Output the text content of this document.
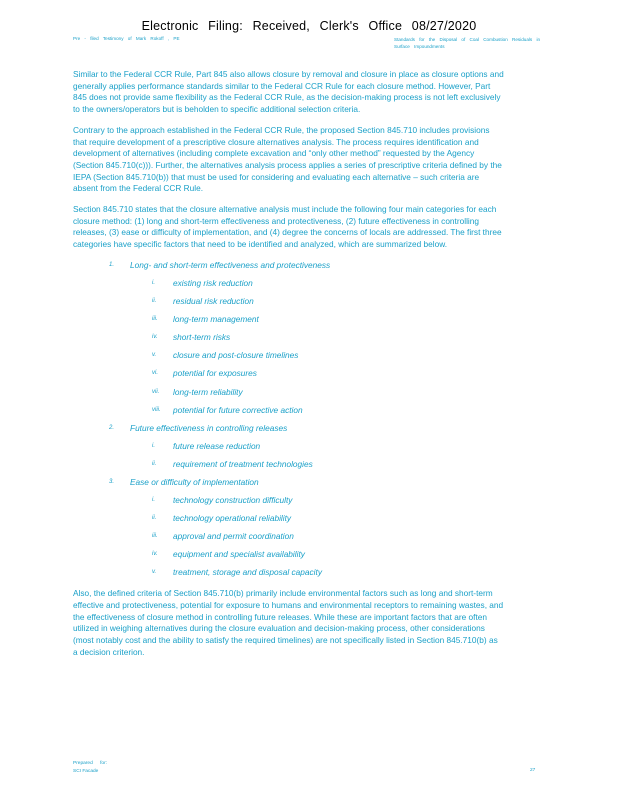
Electronic Filing: Received, Clerk's Office 08/27/2020
Pre - filed Testimony of Mark Rokoff , PE	Standards for the Disposal of Coal Combustion Residuals in Surface Impoundments

Similar to the Federal CCR Rule, Part 845 also allows closure by removal and closure in place as closure options and
generally applies performance standards similar to the Federal CCR Rule for each closure method. However, Part
845 does not provide same flexibility as the Federal CCR Rule, as the decision-making process is not left exclusively
to the owners/operators but is beholden to specific additional selection criteria.

Contrary to the approach established in the Federal CCR Rule, the proposed Section 845.710 includes provisions
that require development of a prescriptive closure alternatives analysis. The process requires identification and
development of alternatives (including complete excavation and “only other method” requested by the Agency
(Section 845.710(c))). Further, the alternatives analysis process applies a series of prescriptive criteria defined by the
IEPA (Section 845.710(b)) that must be used for considering and evaluating each alternative – such criteria are
absent from the Federal CCR Rule.

Section 845.710 states that the closure alternative analysis must include the following four main categories for each
closure method: (1) long and short-term effectiveness and protectiveness, (2) future effectiveness in controlling
releases, (3) ease or difficulty of implementation, and (4) degree the concerns of locals are addressed. The first three
categories have specific factors that need to be identified and analyzed, which are summarized below.

1. Long- and short-term effectiveness and protectiveness
i. existing risk reduction
ii. residual risk reduction
iii. long-term management
iv. short-term risks
v. closure and post-closure timelines
vi. potential for exposures
vii. long-term reliability
viii. potential for future corrective action
2. Future effectiveness in controlling releases
i. future release reduction
ii. requirement of treatment technologies
3. Ease or difficulty of implementation
i. technology construction difficulty
ii. technology operational reliability
iii. approval and permit coordination
iv. equipment and specialist availability
v. treatment, storage and disposal capacity

Also, the defined criteria of Section 845.710(b) primarily include environmental factors such as long and short-term
effective and protectiveness, potential for exposure to humans and environmental receptors to remaining wastes, and
the effectiveness of closure method in controlling future releases. While these are important factors that are often
utilized in weighing alternatives during the closure evaluation and decision-making process, other considerations
(most notably cost and the ability to satisfy the required timelines) are not specifically listed in Section 845.710(b) as
a decision criterion.

Prepared for:
SCI Facade	27
